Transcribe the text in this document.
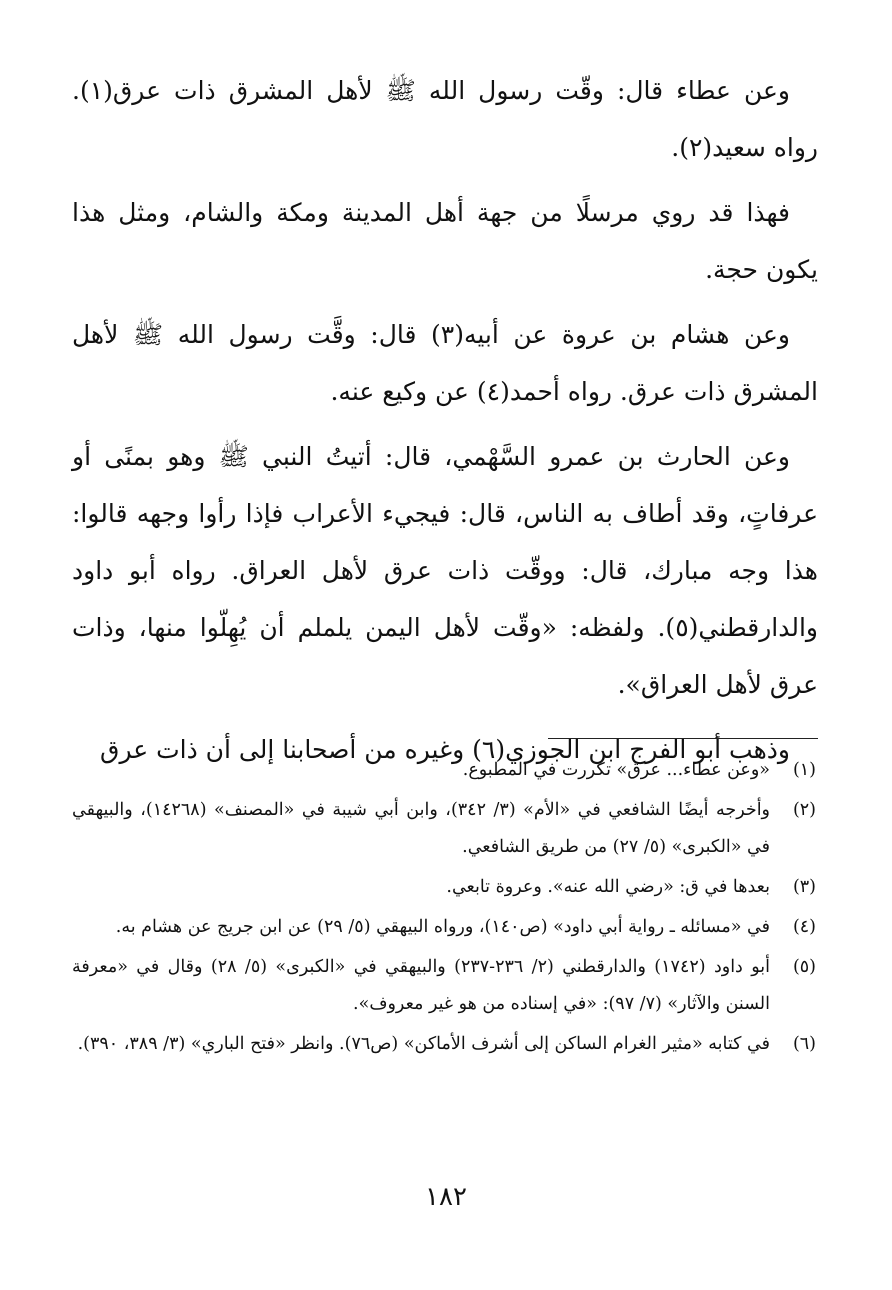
وعن عطاء قال: وقّت رسول الله ﷺ لأهل المشرق ذات عرق(١). رواه سعيد(٢).

فهذا قد روي مرسلًا من جهة أهل المدينة ومكة والشام، ومثل هذا يكون حجة.

وعن هشام بن عروة عن أبيه(٣) قال: وقَّت رسول الله ﷺ لأهل المشرق ذات عرق. رواه أحمد(٤) عن وكيع عنه.

وعن الحارث بن عمرو السَّهْمي، قال: أتيتُ النبي ﷺ وهو بمنًى أو عرفاتٍ، وقد أطاف به الناس، قال: فيجيء الأعراب فإذا رأوا وجهه قالوا: هذا وجه مبارك، قال: ووقّت ذات عرق لأهل العراق. رواه أبو داود والدارقطني(٥). ولفظه: «وقّت لأهل اليمن يلملم أن يُهِلّوا منها، وذات عرق لأهل العراق».

وذهب أبو الفرج ابن الجوزي(٦) وغيره من أصحابنا إلى أن ذات عرق

(١)
«وعن عطاء... عرق» تكررت في المطبوع.
(٢)
وأخرجه أيضًا الشافعي في «الأم» (٣/ ٣٤٢)، وابن أبي شيبة في «المصنف» (١٤٢٦٨)، والبيهقي في «الكبرى» (٥/ ٢٧) من طريق الشافعي.
(٣)
بعدها في ق: «رضي الله عنه». وعروة تابعي.
(٤)
في «مسائله ـ رواية أبي داود» (ص١٤٠)، ورواه البيهقي (٥/ ٢٩) عن ابن جريج عن هشام به.
(٥)
أبو داود (١٧٤٢) والدارقطني (٢/ ٢٣٦-٢٣٧) والبيهقي في «الكبرى» (٥/ ٢٨) وقال في «معرفة السنن والآثار» (٧/ ٩٧): «في إسناده من هو غير معروف».
(٦)
في كتابه «مثير الغرام الساكن إلى أشرف الأماكن» (ص٧٦). وانظر «فتح الباري» (٣/ ٣٨٩، ٣٩٠).
١٨٢
